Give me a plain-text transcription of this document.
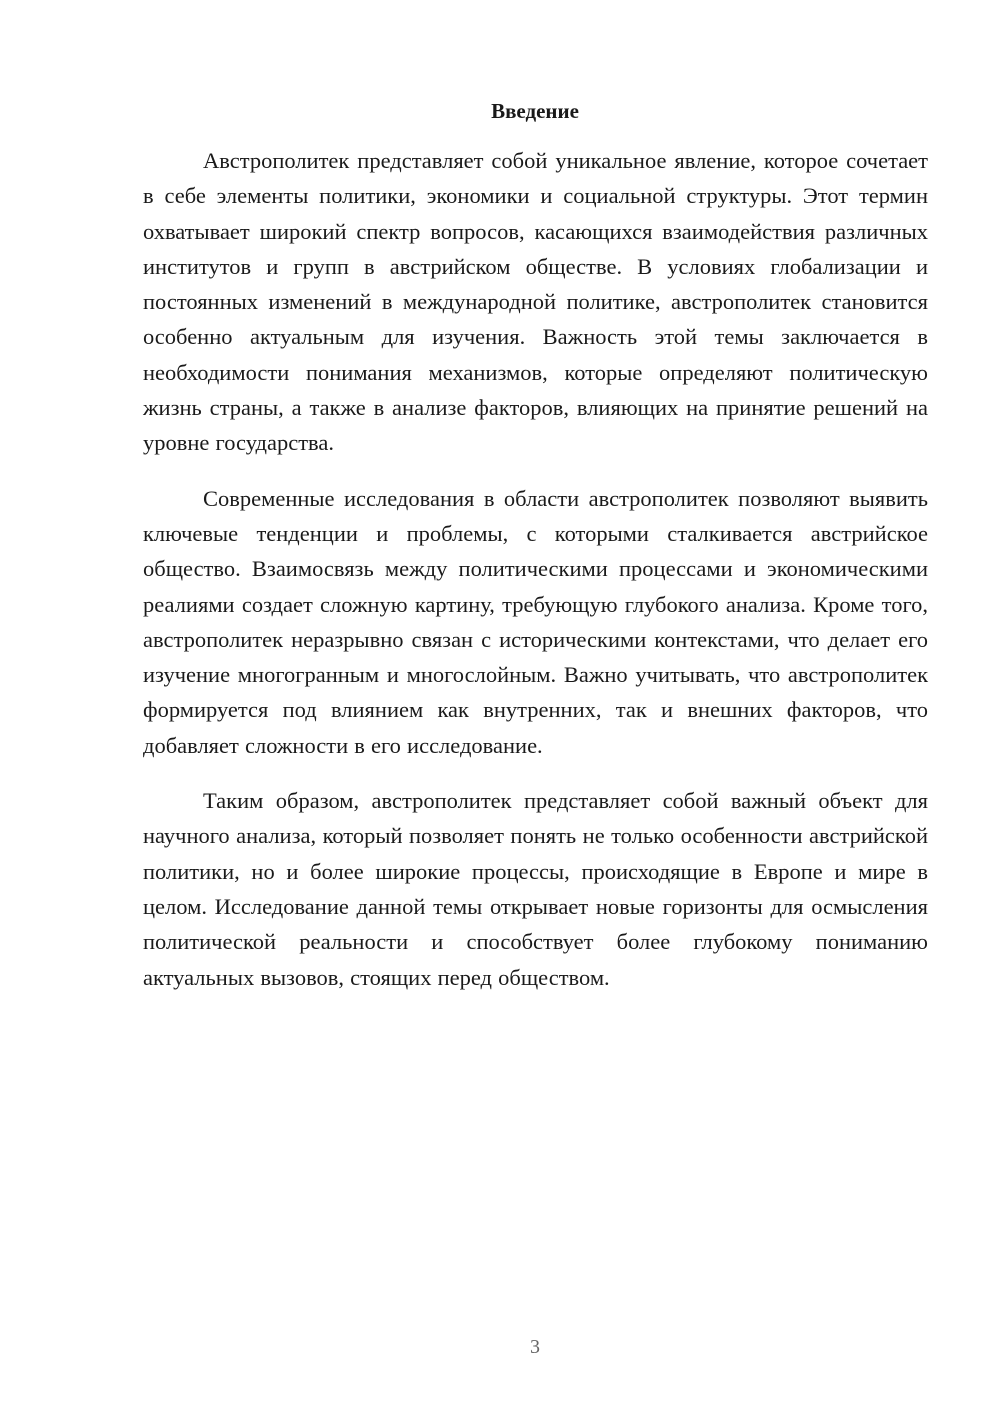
Введение

Австрополитек представляет собой уникальное явление, которое сочетает в себе элементы политики, экономики и социальной структуры. Этот термин охватывает широкий спектр вопросов, касающихся взаимодействия различных институтов и групп в австрийском обществе. В условиях глобализации и постоянных изменений в международной политике, австрополитек становится особенно актуальным для изучения. Важность этой темы заключается в необходимости понимания механизмов, которые определяют политическую жизнь страны, а также в анализе факторов, влияющих на принятие решений на уровне государства.

Современные исследования в области австрополитек позволяют выявить ключевые тенденции и проблемы, с которыми сталкивается австрийское общество. Взаимосвязь между политическими процессами и экономическими реалиями создает сложную картину, требующую глубокого анализа. Кроме того, австрополитек неразрывно связан с историческими контекстами, что делает его изучение многогранным и многослойным. Важно учитывать, что австрополитек формируется под влиянием как внутренних, так и внешних факторов, что добавляет сложности в его исследование.

Таким образом, австрополитек представляет собой важный объект для научного анализа, который позволяет понять не только особенности австрийской политики, но и более широкие процессы, происходящие в Европе и мире в целом. Исследование данной темы открывает новые горизонты для осмысления политической реальности и способствует более глубокому пониманию актуальных вызовов, стоящих перед обществом.

3
